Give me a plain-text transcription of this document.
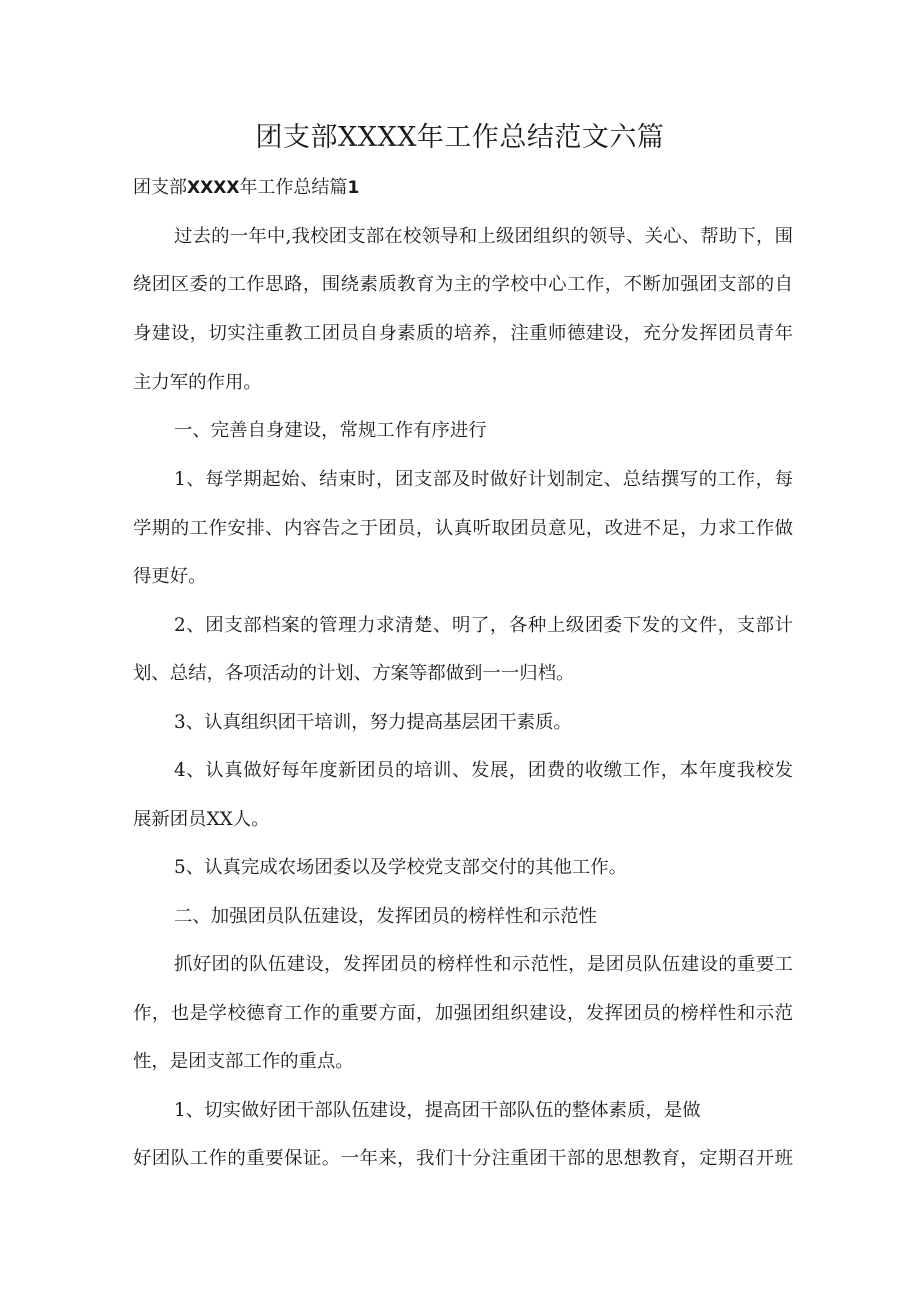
团支部XXXX年工作总结范文六篇
团支部XXXX年工作总结篇1
过去的一年中,我校团支部在校领导和上级团组织的领导、关心、帮助下，围
绕团区委的工作思路，围绕素质教育为主的学校中心工作，不断加强团支部的自
身建设，切实注重教工团员自身素质的培养，注重师德建设，充分发挥团员青年
主力军的作用。
一、完善自身建设，常规工作有序进行
1、每学期起始、结束时，团支部及时做好计划制定、总结撰写的工作，每
学期的工作安排、内容告之于团员，认真听取团员意见，改进不足，力求工作做
得更好。
2、团支部档案的管理力求清楚、明了，各种上级团委下发的文件，支部计
划、总结，各项活动的计划、方案等都做到一一归档。
3、认真组织团干培训，努力提高基层团干素质。
4、认真做好每年度新团员的培训、发展，团费的收缴工作，本年度我校发
展新团员XX人。
5、认真完成农场团委以及学校党支部交付的其他工作。
二、加强团员队伍建设，发挥团员的榜样性和示范性
抓好团的队伍建设，发挥团员的榜样性和示范性，是团员队伍建设的重要工
作，也是学校德育工作的重要方面，加强团组织建设，发挥团员的榜样性和示范
性，是团支部工作的重点。
1、切实做好团干部队伍建设，提高团干部队伍的整体素质，是做
好团队工作的重要保证。一年来，我们十分注重团干部的思想教育，定期召开班
